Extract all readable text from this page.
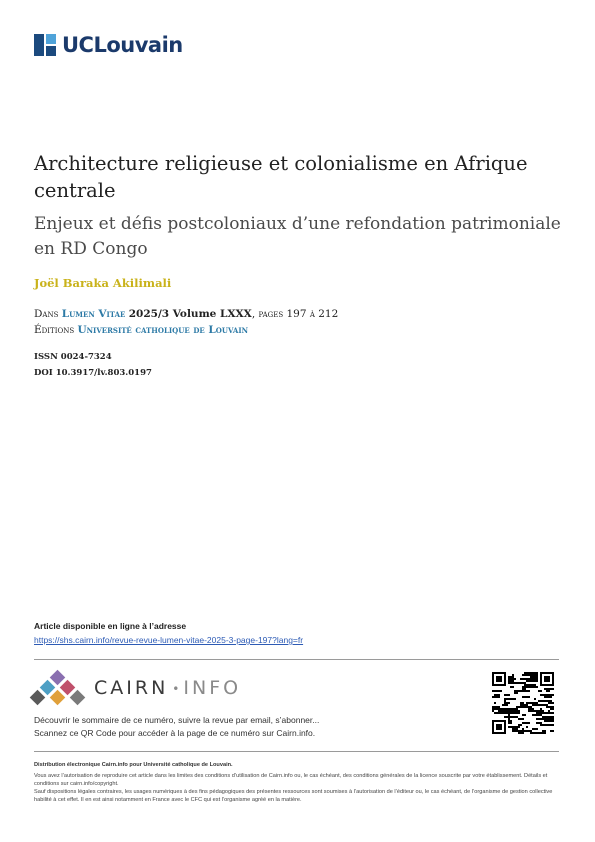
UCLouvain
Architecture religieuse et colonialisme en Afrique centrale
Enjeux et défis postcoloniaux d’une refondation patrimoniale en RD Congo
Joël Baraka Akilimali
Dans Lumen Vitae 2025/3 Volume LXXX, pages 197 à 212
Éditions Université catholique de Louvain
ISSN 0024-7324
DOI 10.3917/lv.803.0197
Article disponible en ligne à l’adresse
https://shs.cairn.info/revue-revue-lumen-vitae-2025-3-page-197?lang=fr
CAIRN • INFO
Découvrir le sommaire de ce numéro, suivre la revue par email, s’abonner...
Scannez ce QR Code pour accéder à la page de ce numéro sur Cairn.info.
Distribution électronique Cairn.info pour Université catholique de Louvain.
Vous avez l’autorisation de reproduire cet article dans les limites des conditions d’utilisation de Cairn.info ou, le cas échéant, des conditions générales de la licence souscrite par votre établissement. Détails et conditions sur cairn.info/copyright.
Sauf dispositions légales contraires, les usages numériques à des fins pédagogiques des présentes ressources sont soumises à l’autorisation de l’éditeur ou, le cas échéant, de l’organisme de gestion collective habilité à cet effet. Il en est ainsi notamment en France avec le CFC qui est l’organisme agréé en la matière.
